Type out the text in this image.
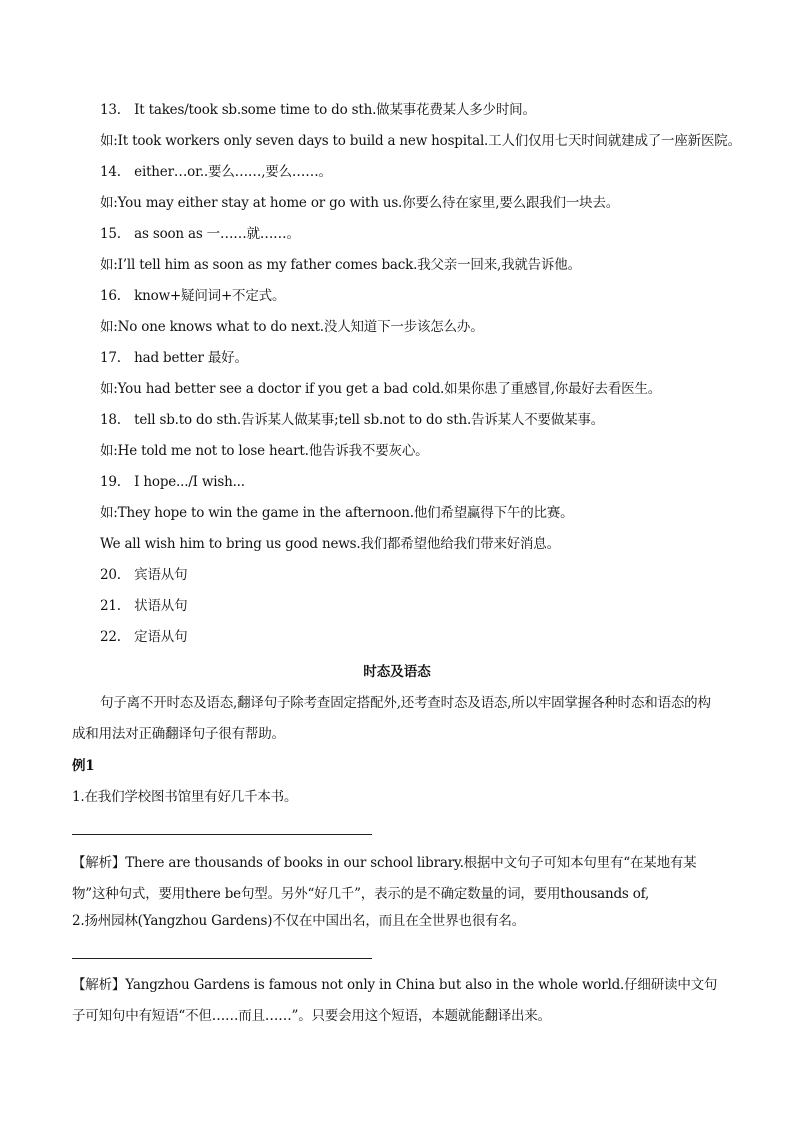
13.　It takes/took sb.some time to do sth.做某事花费某人多少时间。
如:It took workers only seven days to build a new hospital.工人们仅用七天时间就建成了一座新医院。
14.　either…or..要么……,要么……。
如:You may either stay at home or go with us.你要么待在家里,要么跟我们一块去。
15.　as soon as 一……就……。
如:I’ll tell him as soon as my father comes back.我父亲一回来,我就告诉他。
16.　know+疑问词+不定式。
如:No one knows what to do next.没人知道下一步该怎么办。
17.　had better 最好。
如:You had better see a doctor if you get a bad cold.如果你患了重感冒,你最好去看医生。
18.　tell sb.to do sth.告诉某人做某事;tell sb.not to do sth.告诉某人不要做某事。
如:He told me not to lose heart.他告诉我不要灰心。
19.　I hope.../I wish...
如:They hope to win the game in the afternoon.他们希望赢得下午的比赛。
We all wish him to bring us good news.我们都希望他给我们带来好消息。
20.　宾语从句
21.　状语从句
22.　定语从句
时态及语态
句子离不开时态及语态,翻译句子除考查固定搭配外,还考查时态及语态,所以牢固掌握各种时态和语态的构成和用法对正确翻译句子很有帮助。
例1
1.在我们学校图书馆里有好几千本书。
【解析】There are thousands of books in our school library.根据中文句子可知本句里有“在某地有某物”这种句式，要用there be句型。另外“好几千”，表示的是不确定数量的词，要用thousands of,
2.扬州园林(Yangzhou Gardens)不仅在中国出名，而且在全世界也很有名。
【解析】Yangzhou Gardens is famous not only in China but also in the whole world.仔细研读中文句子可知句中有短语“不但……而且……”。只要会用这个短语，本题就能翻译出来。
